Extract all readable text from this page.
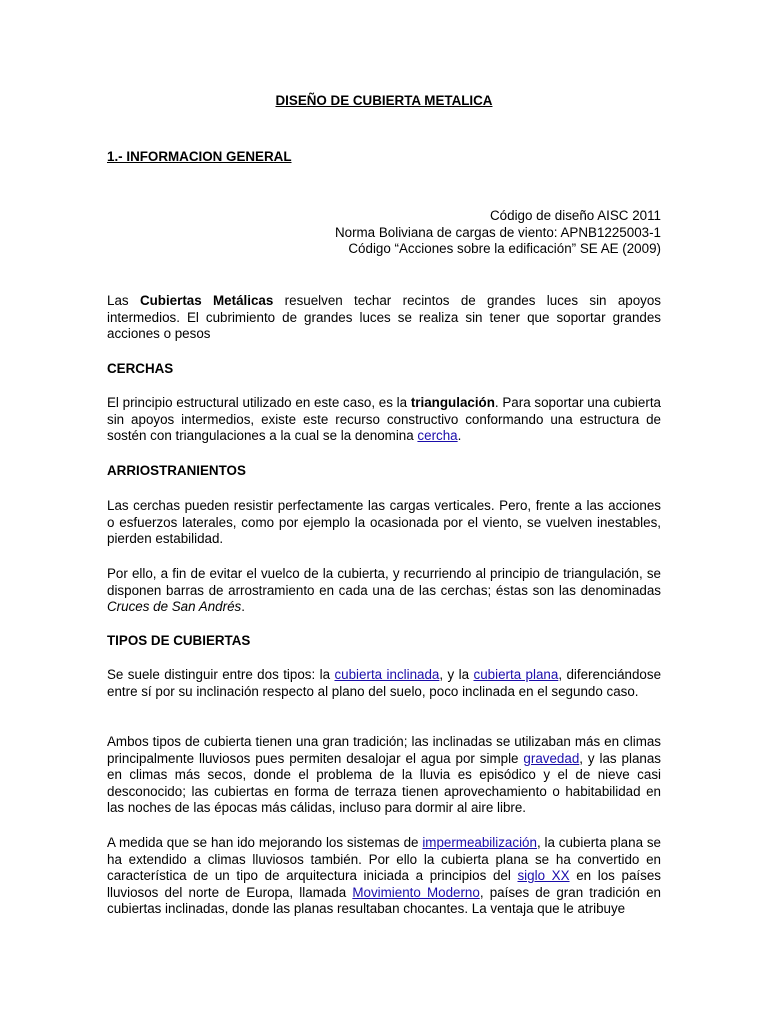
DISEÑO DE CUBIERTA METALICA
1.- INFORMACION GENERAL
Código de diseño AISC 2011
Norma Boliviana de cargas de viento: APNB1225003-1
Código “Acciones sobre la edificación” SE AE (2009)

Las Cubiertas Metálicas resuelven techar recintos de grandes luces sin apoyos intermedios. El cubrimiento de grandes luces se realiza sin tener que soportar grandes acciones o pesos

CERCHAS

El principio estructural utilizado en este caso, es la triangulación. Para soportar una cubierta sin apoyos intermedios, existe este recurso constructivo conformando una estructura de sostén con triangulaciones a la cual se la denomina cercha.

ARRIOSTRANIENTOS

Las cerchas pueden resistir perfectamente las cargas verticales. Pero, frente a las acciones o esfuerzos laterales, como por ejemplo la ocasionada por el viento, se vuelven inestables, pierden estabilidad.

Por ello, a fin de evitar el vuelco de la cubierta, y recurriendo al principio de triangulación, se disponen barras de arrostramiento en cada una de las cerchas; éstas son las denominadas Cruces de San Andrés.

TIPOS DE CUBIERTAS

Se suele distinguir entre dos tipos: la cubierta inclinada, y la cubierta plana, diferenciándose entre sí por su inclinación respecto al plano del suelo, poco inclinada en el segundo caso.

Ambos tipos de cubierta tienen una gran tradición; las inclinadas se utilizaban más en climas principalmente lluviosos pues permiten desalojar el agua por simple gravedad, y las planas en climas más secos, donde el problema de la lluvia es episódico y el de nieve casi desconocido; las cubiertas en forma de terraza tienen aprovechamiento o habitabilidad en las noches de las épocas más cálidas, incluso para dormir al aire libre.

A medida que se han ido mejorando los sistemas de impermeabilización, la cubierta plana se ha extendido a climas lluviosos también. Por ello la cubierta plana se ha convertido en característica de un tipo de arquitectura iniciada a principios del siglo XX en los países lluviosos del norte de Europa, llamada Movimiento Moderno, países de gran tradición en cubiertas inclinadas, donde las planas resultaban chocantes. La ventaja que le atribuye
